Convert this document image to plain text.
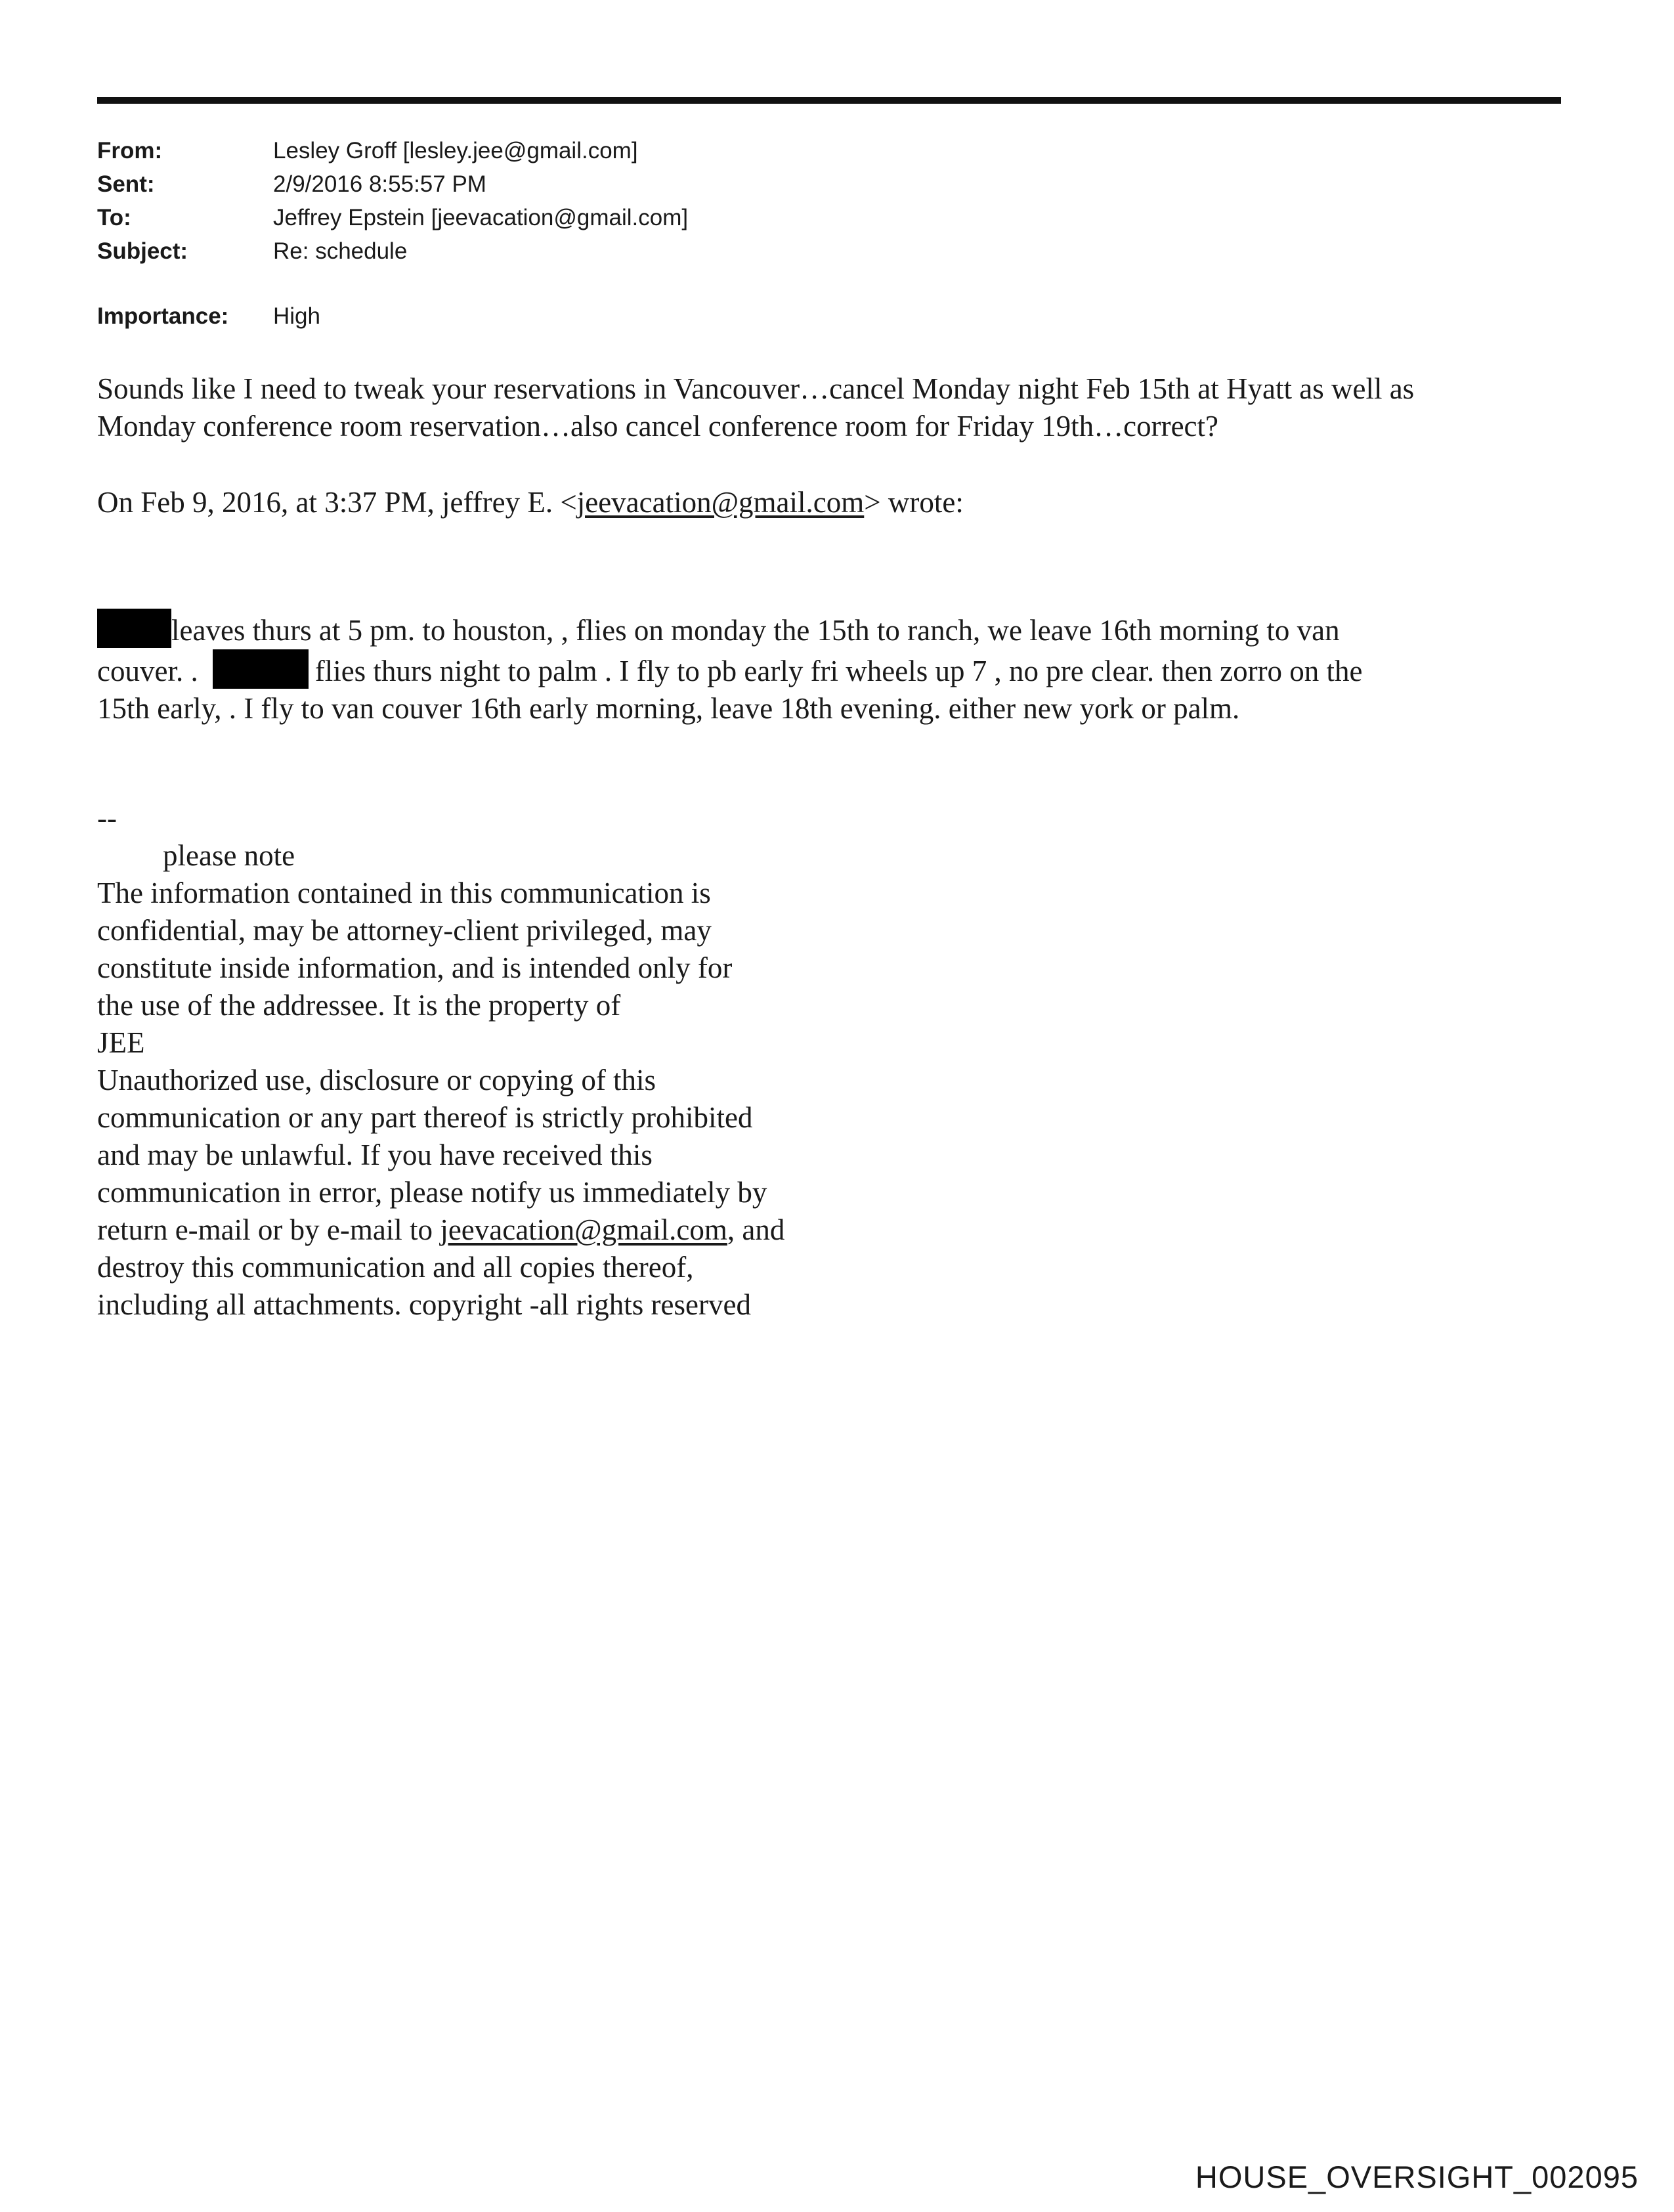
From:	Lesley Groff [lesley.jee@gmail.com]
Sent:	2/9/2016 8:55:57 PM
To:	Jeffrey Epstein [jeevacation@gmail.com]
Subject:	Re: schedule
Importance:	High
Sounds like I need to tweak your reservations in Vancouver…cancel Monday night Feb 15th at Hyatt as well as
Monday conference room reservation…also cancel conference room for Friday 19th…correct?
On Feb 9, 2016, at 3:37 PM, jeffrey E. <jeevacation@gmail.com> wrote:
leaves thurs at 5 pm. to houston, , flies on monday the 15th to ranch, we leave 16th morning to van
couver. .	flies thurs night to palm . I fly to pb early fri wheels up 7 , no pre clear. then zorro on the
15th early, . I fly to van couver 16th early morning, leave 18th evening. either new york or palm.
--
please note
The information contained in this communication is
confidential, may be attorney-client privileged, may
constitute inside information, and is intended only for
the use of the addressee. It is the property of
JEE
Unauthorized use, disclosure or copying of this
communication or any part thereof is strictly prohibited
and may be unlawful. If you have received this
communication in error, please notify us immediately by
return e-mail or by e-mail to jeevacation@gmail.com, and
destroy this communication and all copies thereof,
including all attachments. copyright -all rights reserved
HOUSE_OVERSIGHT_002095
